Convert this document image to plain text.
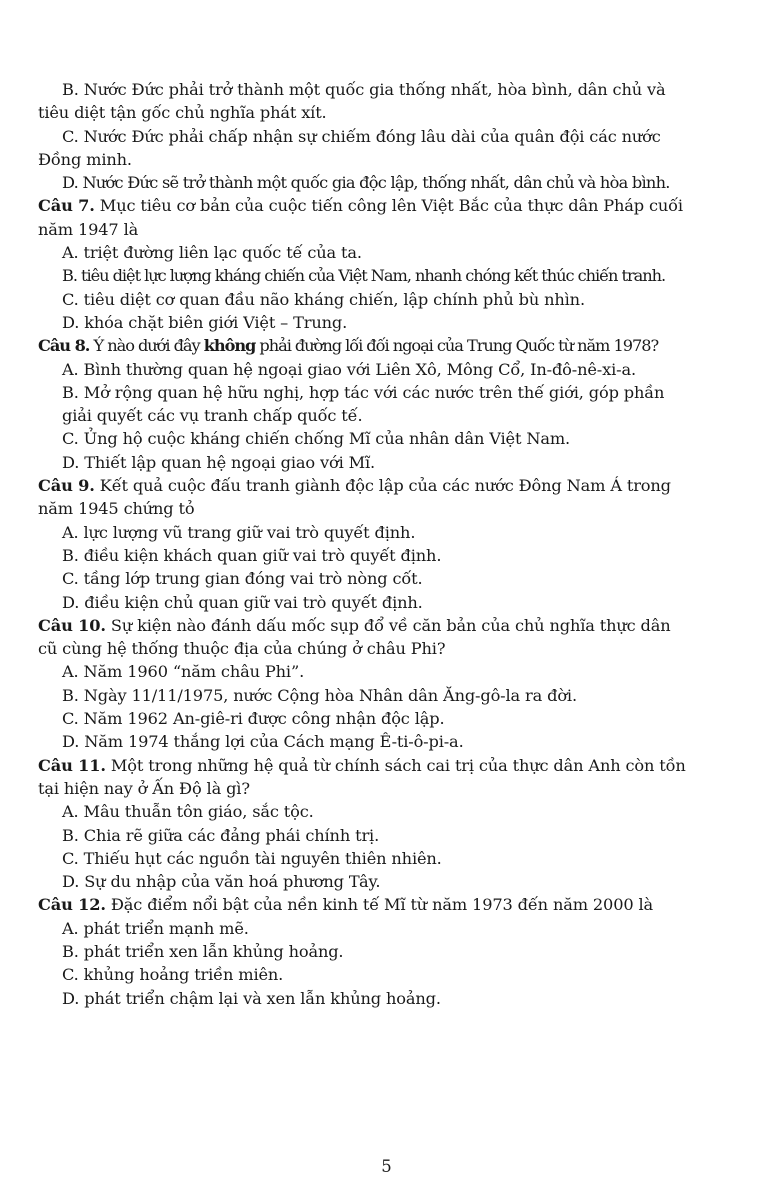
B. Nước Đức phải trở thành một quốc gia thống nhất, hòa bình, dân chủ và
tiêu diệt tận gốc chủ nghĩa phát xít.
C. Nước Đức phải chấp nhận sự chiếm đóng lâu dài của quân đội các nước
Đồng minh.
D. Nước Đức sẽ trở thành một quốc gia độc lập, thống nhất, dân chủ và hòa bình.
Câu 7. Mục tiêu cơ bản của cuộc tiến công lên Việt Bắc của thực dân Pháp cuối
năm 1947 là
A. triệt đường liên lạc quốc tế của ta.
B. tiêu diệt lực lượng kháng chiến của Việt Nam, nhanh chóng kết thúc chiến tranh.
C. tiêu diệt cơ quan đầu não kháng chiến, lập chính phủ bù nhìn.
D. khóa chặt biên giới Việt – Trung.
Câu 8. Ý nào dưới đây không phải đường lối đối ngoại của Trung Quốc từ năm 1978?
A. Bình thường quan hệ ngoại giao với Liên Xô, Mông Cổ, In-đô-nê-xi-a.
B. Mở rộng quan hệ hữu nghị, hợp tác với các nước trên thế giới, góp phần
giải quyết các vụ tranh chấp quốc tế.
C. Ủng hộ cuộc kháng chiến chống Mĩ của nhân dân Việt Nam.
D. Thiết lập quan hệ ngoại giao với Mĩ.
Câu 9. Kết quả cuộc đấu tranh giành độc lập của các nước Đông Nam Á trong
năm 1945 chứng tỏ
A. lực lượng vũ trang giữ vai trò quyết định.
B. điều kiện khách quan giữ vai trò quyết định.
C. tầng lớp trung gian đóng vai trò nòng cốt.
D. điều kiện chủ quan giữ vai trò quyết định.
Câu 10. Sự kiện nào đánh dấu mốc sụp đổ về căn bản của chủ nghĩa thực dân
cũ cùng hệ thống thuộc địa của chúng ở châu Phi?
A. Năm 1960 “năm châu Phi”.
B. Ngày 11/11/1975, nước Cộng hòa Nhân dân Ăng-gô-la ra đời.
C. Năm 1962 An-giê-ri được công nhận độc lập.
D. Năm 1974 thắng lợi của Cách mạng Ê-ti-ô-pi-a.
Câu 11. Một trong những hệ quả từ chính sách cai trị của thực dân Anh còn tồn
tại hiện nay ở Ấn Độ là gì?
A. Mâu thuẫn tôn giáo, sắc tộc.
B. Chia rẽ giữa các đảng phái chính trị.
C. Thiếu hụt các nguồn tài nguyên thiên nhiên.
D. Sự du nhập của văn hoá phương Tây.
Câu 12. Đặc điểm nổi bật của nền kinh tế Mĩ từ năm 1973 đến năm 2000 là
A. phát triển mạnh mẽ.
B. phát triển xen lẫn khủng hoảng.
C. khủng hoảng triền miên.
D. phát triển chậm lại và xen lẫn khủng hoảng.
5
